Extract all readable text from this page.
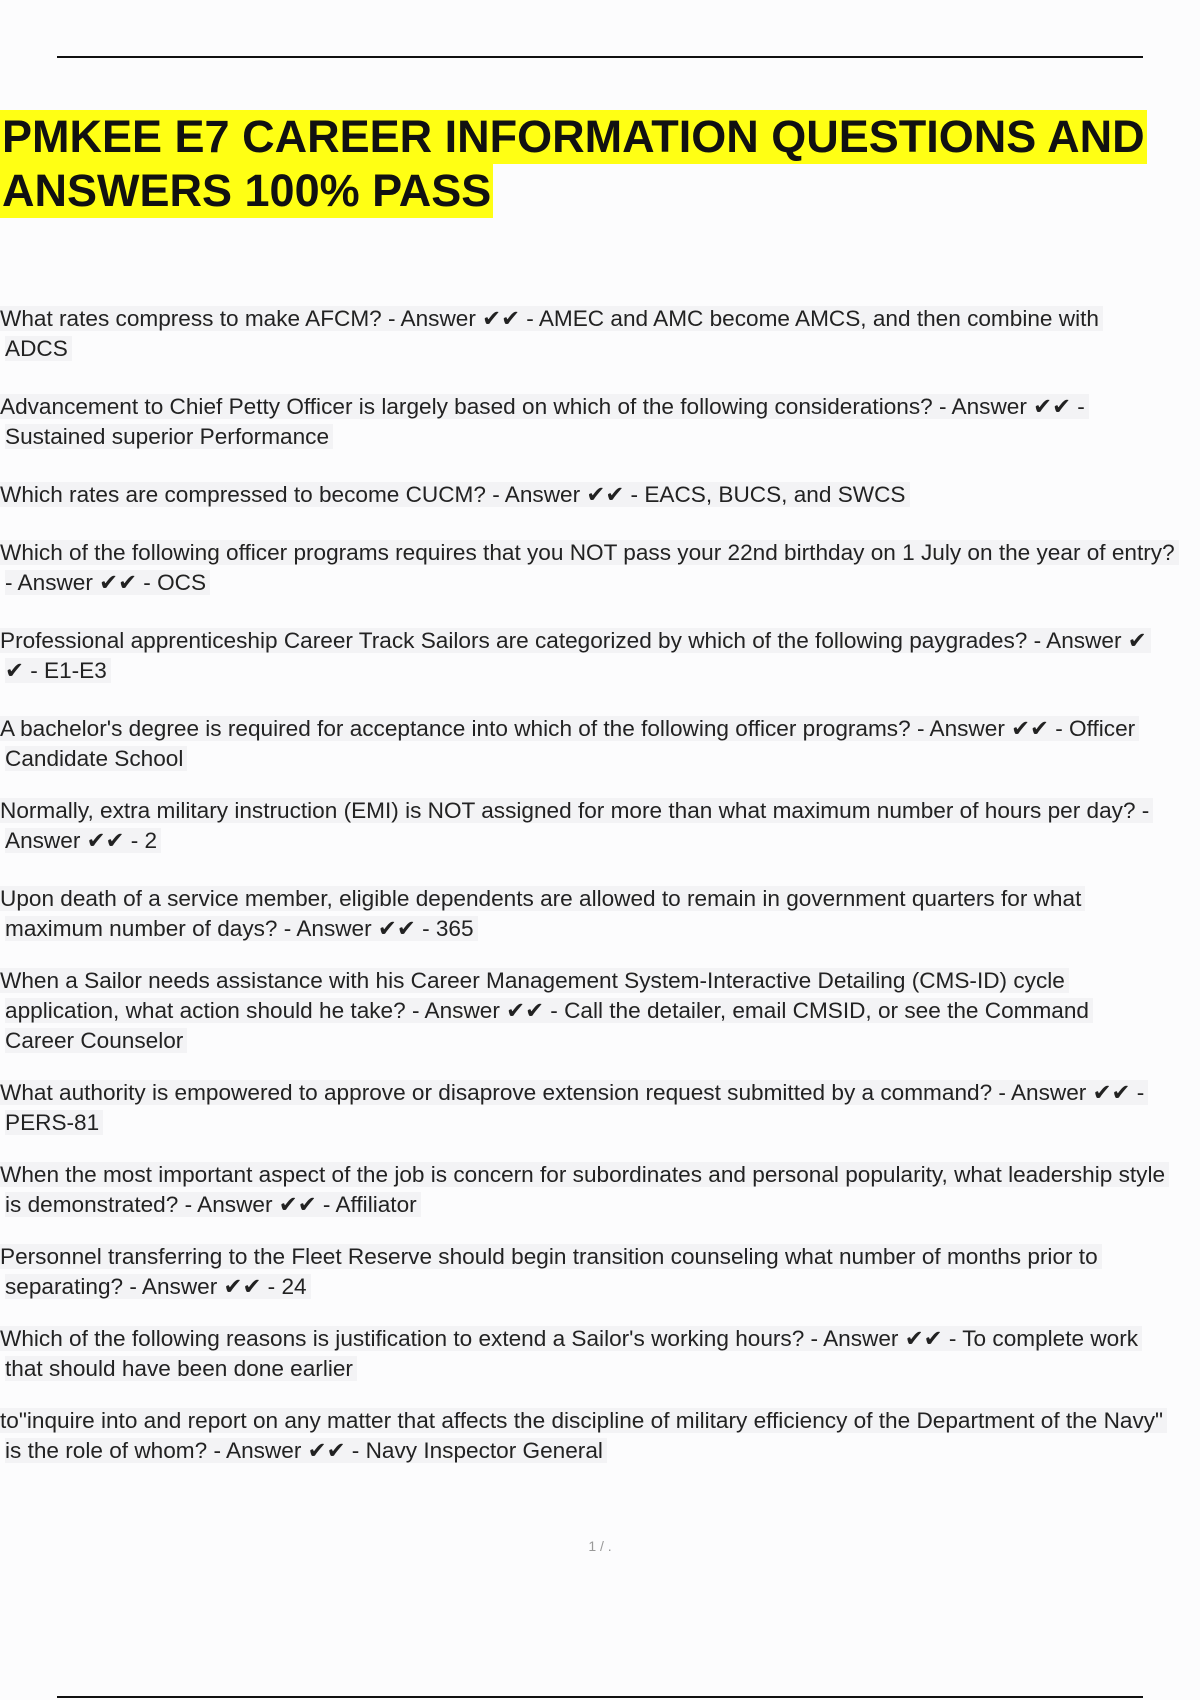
PMKEE E7 CAREER INFORMATION QUESTIONS AND
ANSWERS 100% PASS
What rates compress to make AFCM? - Answer ✔✔ - AMEC and AMC become AMCS, and then combine with
ADCS
Advancement to Chief Petty Officer is largely based on which of the following considerations? - Answer ✔✔ -
Sustained superior Performance
Which rates are compressed to become CUCM? - Answer ✔✔ - EACS, BUCS, and SWCS
Which of the following officer programs requires that you NOT pass your 22nd birthday on 1 July on the year of entry?
- Answer ✔✔ - OCS
Professional apprenticeship Career Track Sailors are categorized by which of the following paygrades? - Answer ✔
✔ - E1-E3
A bachelor's degree is required for acceptance into which of the following officer programs? - Answer ✔✔ - Officer
Candidate School
Normally, extra military instruction (EMI) is NOT assigned for more than what maximum number of hours per day? -
Answer ✔✔ - 2
Upon death of a service member, eligible dependents are allowed to remain in government quarters for what
maximum number of days? - Answer ✔✔ - 365
When a Sailor needs assistance with his Career Management System-Interactive Detailing (CMS-ID) cycle
application, what action should he take? - Answer ✔✔ - Call the detailer, email CMSID, or see the Command
Career Counselor
What authority is empowered to approve or disaprove extension request submitted by a command? - Answer ✔✔ -
PERS-81
When the most important aspect of the job is concern for subordinates and personal popularity, what leadership style
is demonstrated? - Answer ✔✔ - Affiliator
Personnel transferring to the Fleet Reserve should begin transition counseling what number of months prior to
separating? - Answer ✔✔ - 24
Which of the following reasons is justification to extend a Sailor's working hours? - Answer ✔✔ - To complete work
that should have been done earlier
to"inquire into and report on any matter that affects the discipline of military efficiency of the Department of the Navy"
is the role of whom? - Answer ✔✔ - Navy Inspector General
1 / .
